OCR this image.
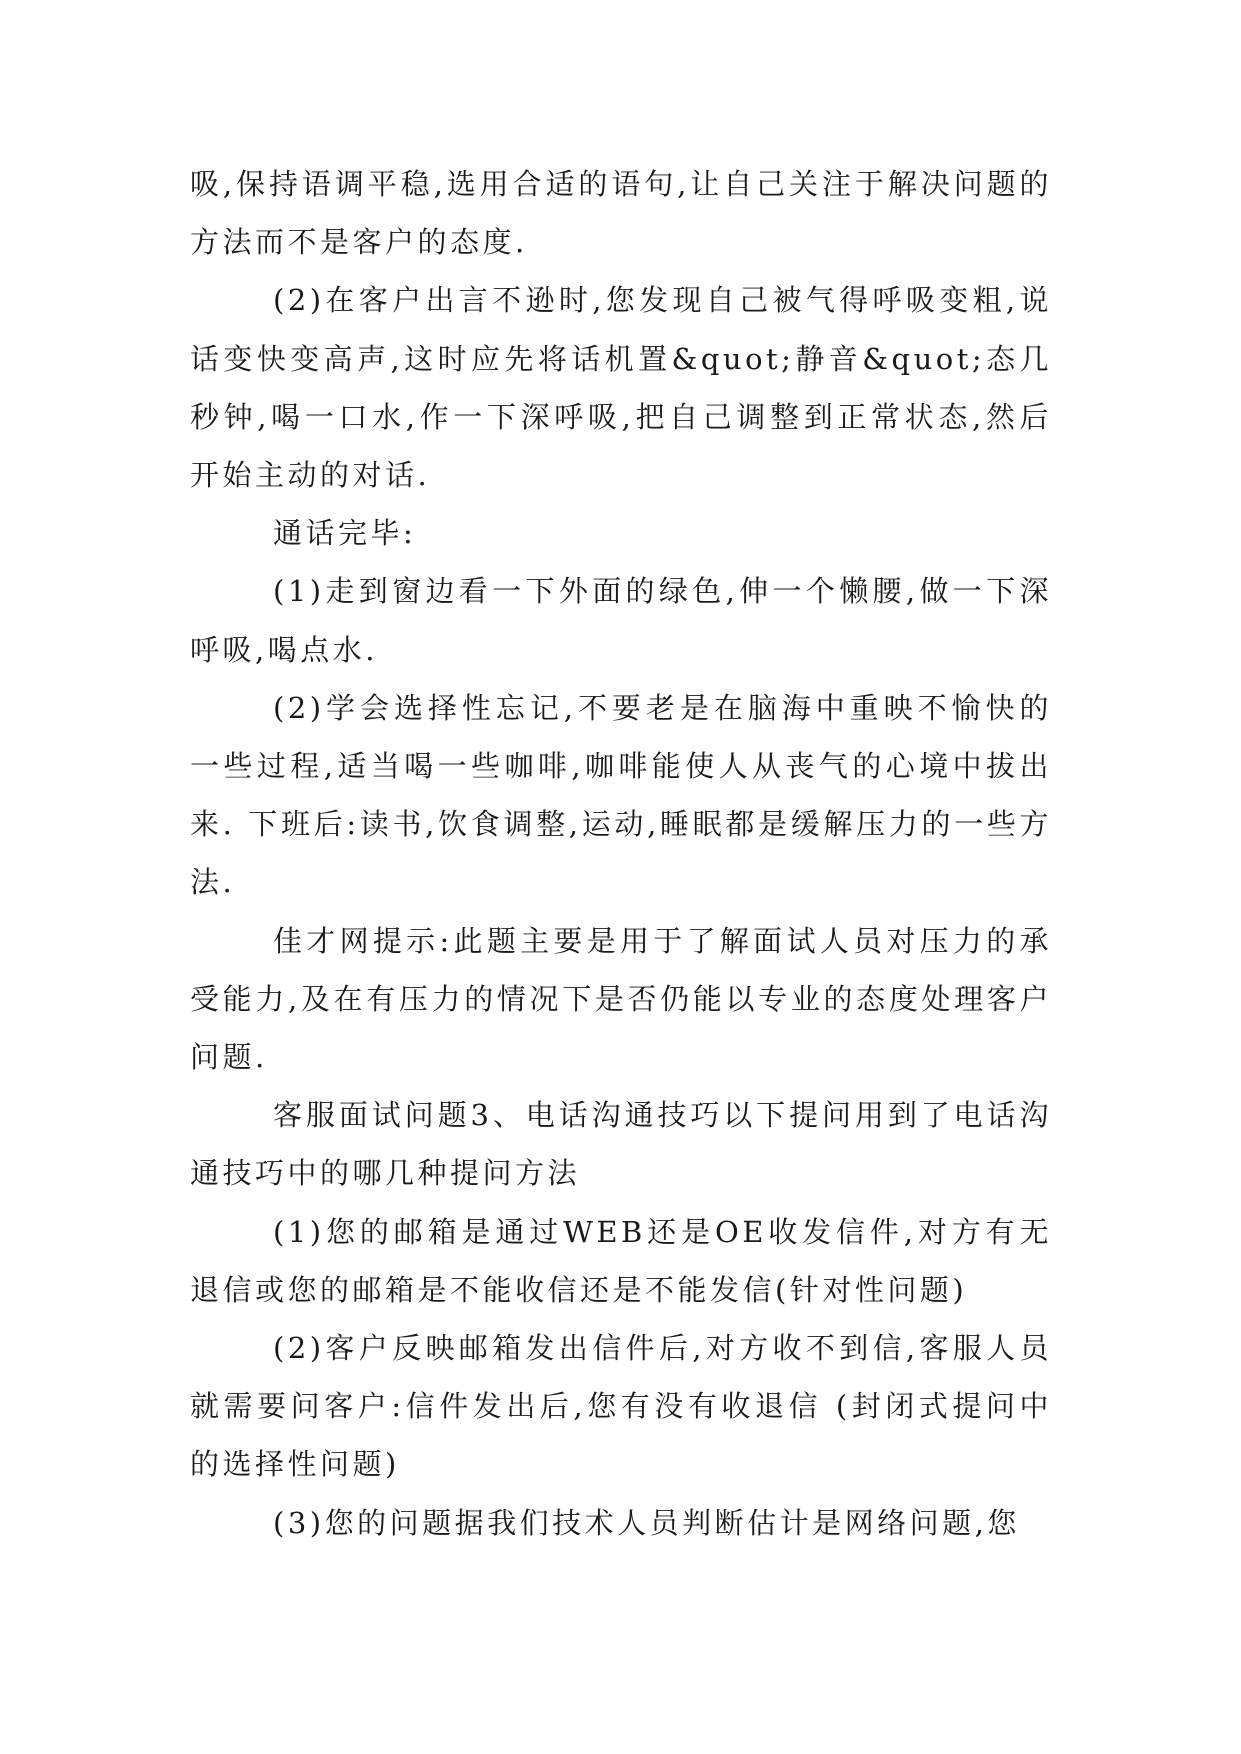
吸,保持语调平稳,选用合适的语句,让自己关注于解决问题的方法而不是客户的态度.

(2)在客户出言不逊时,您发现自己被气得呼吸变粗,说话变快变高声,这时应先将话机置&quot;静音&quot;态几秒钟,喝一口水,作一下深呼吸,把自己调整到正常状态,然后开始主动的对话.

通话完毕:

(1)走到窗边看一下外面的绿色,伸一个懒腰,做一下深呼吸,喝点水.

(2)学会选择性忘记,不要老是在脑海中重映不愉快的一些过程,适当喝一些咖啡,咖啡能使人从丧气的心境中拔出来. 下班后:读书,饮食调整,运动,睡眠都是缓解压力的一些方法.

佳才网提示:此题主要是用于了解面试人员对压力的承受能力,及在有压力的情况下是否仍能以专业的态度处理客户问题.

客服面试问题3、电话沟通技巧以下提问用到了电话沟通技巧中的哪几种提问方法

(1)您的邮箱是通过WEB还是OE收发信件,对方有无退信或您的邮箱是不能收信还是不能发信(针对性问题)

(2)客户反映邮箱发出信件后,对方收不到信,客服人员就需要问客户:信件发出后,您有没有收退信 (封闭式提问中的选择性问题)

(3)您的问题据我们技术人员判断估计是网络问题,您
